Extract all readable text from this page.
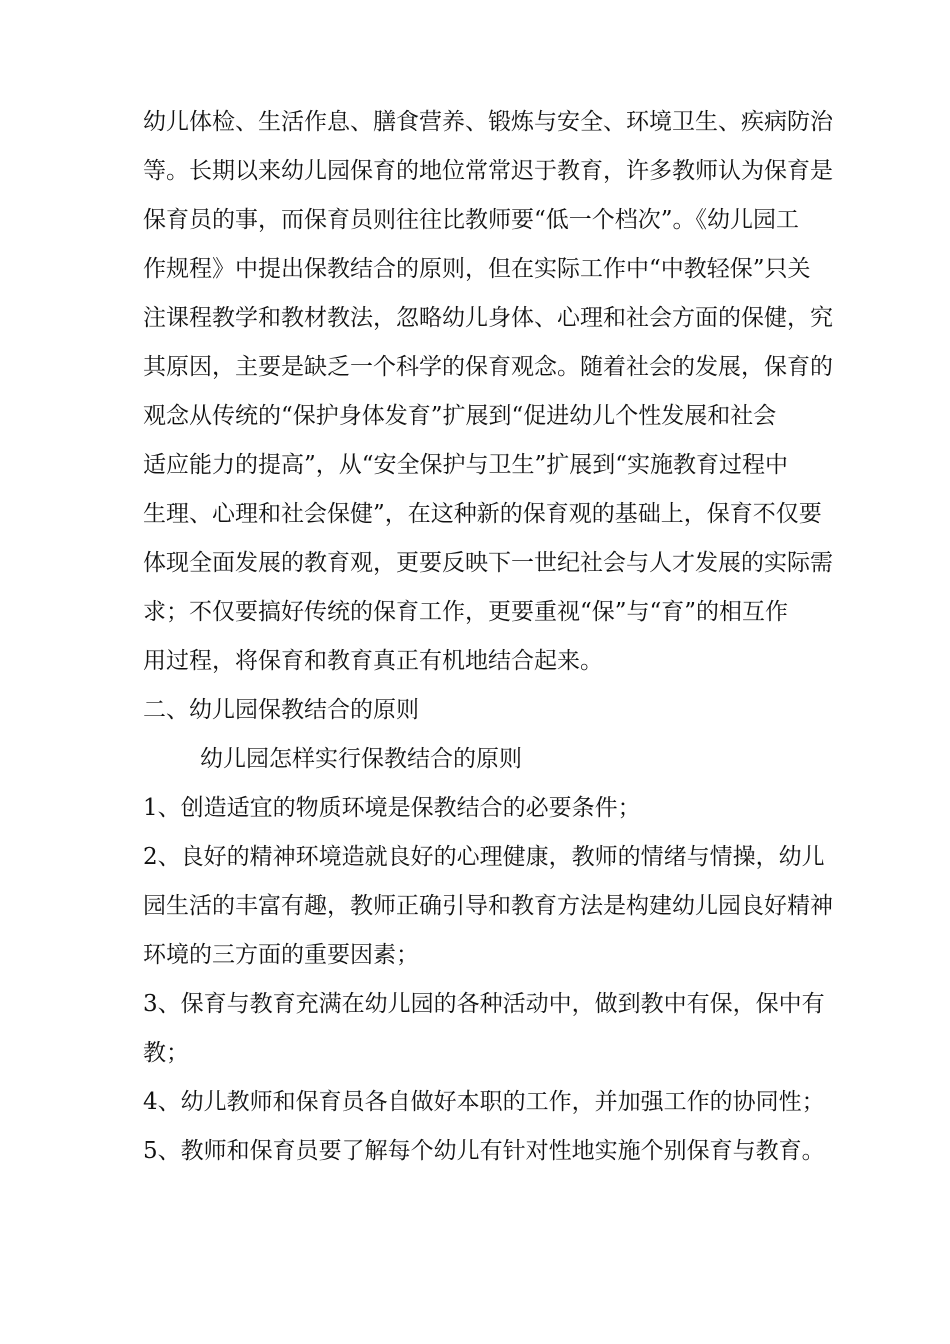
幼儿体检、生活作息、膳食营养、锻炼与安全、环境卫生、疾病防治
等。长期以来幼儿园保育的地位常常迟于教育，许多教师认为保育是
保育员的事，而保育员则往往比教师要“低一个档次”。《幼儿园工
作规程》中提出保教结合的原则，但在实际工作中“中教轻保”只关
注课程教学和教材教法，忽略幼儿身体、心理和社会方面的保健，究
其原因，主要是缺乏一个科学的保育观念。随着社会的发展，保育的
观念从传统的“保护身体发育”扩展到“促进幼儿个性发展和社会
适应能力的提高”，从“安全保护与卫生”扩展到“实施教育过程中
生理、心理和社会保健”，在这种新的保育观的基础上，保育不仅要
体现全面发展的教育观，更要反映下一世纪社会与人才发展的实际需
求；不仅要搞好传统的保育工作，更要重视“保”与“育”的相互作
用过程，将保育和教育真正有机地结合起来。
二、幼儿园保教结合的原则
幼儿园怎样实行保教结合的原则
1、创造适宜的物质环境是保教结合的必要条件；
2、良好的精神环境造就良好的心理健康，教师的情绪与情操，幼儿
园生活的丰富有趣，教师正确引导和教育方法是构建幼儿园良好精神
环境的三方面的重要因素；
3、保育与教育充满在幼儿园的各种活动中，做到教中有保，保中有
教；
4、幼儿教师和保育员各自做好本职的工作，并加强工作的协同性；
5、教师和保育员要了解每个幼儿有针对性地实施个别保育与教育。
